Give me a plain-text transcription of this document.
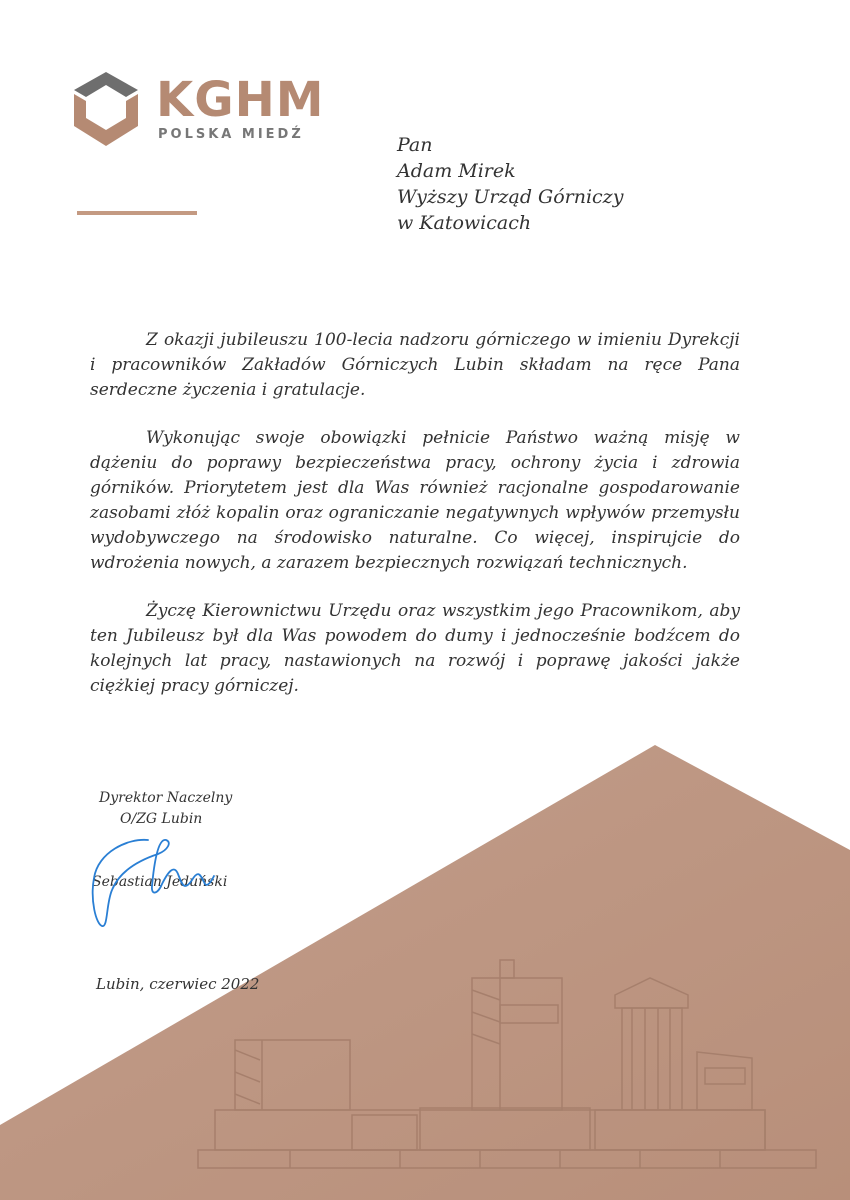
KGHM
POLSKA MIEDŹ	Pan
Adam Mirek
Wyższy Urząd Górniczy
w Katowicach

Z okazji jubileuszu 100-lecia nadzoru górniczego w imieniu Dyrekcji i pracowników Zakładów Górniczych Lubin składam na ręce Pana serdeczne życzenia i gratulacje.

Wykonując swoje obowiązki pełnicie Państwo ważną misję w dążeniu do poprawy bezpieczeństwa pracy, ochrony życia i zdrowia górników. Priorytetem jest dla Was również racjonalne gospodarowanie zasobami złóż kopalin oraz ograniczanie negatywnych wpływów przemysłu wydobywczego na środowisko naturalne. Co więcej, inspirujcie do wdrożenia nowych, a zarazem bezpiecznych rozwiązań technicznych.

Życzę Kierownictwu Urzędu oraz wszystkim jego Pracownikom, aby ten Jubileusz był dla Was powodem do dumy i jednocześnie bodźcem do kolejnych lat pracy, nastawionych na rozwój i poprawę jakości jakże ciężkiej pracy górniczej.

Dyrektor Naczelny
O/ZG Lubin
Sebastian Jeduński
Lubin, czerwiec 2022
